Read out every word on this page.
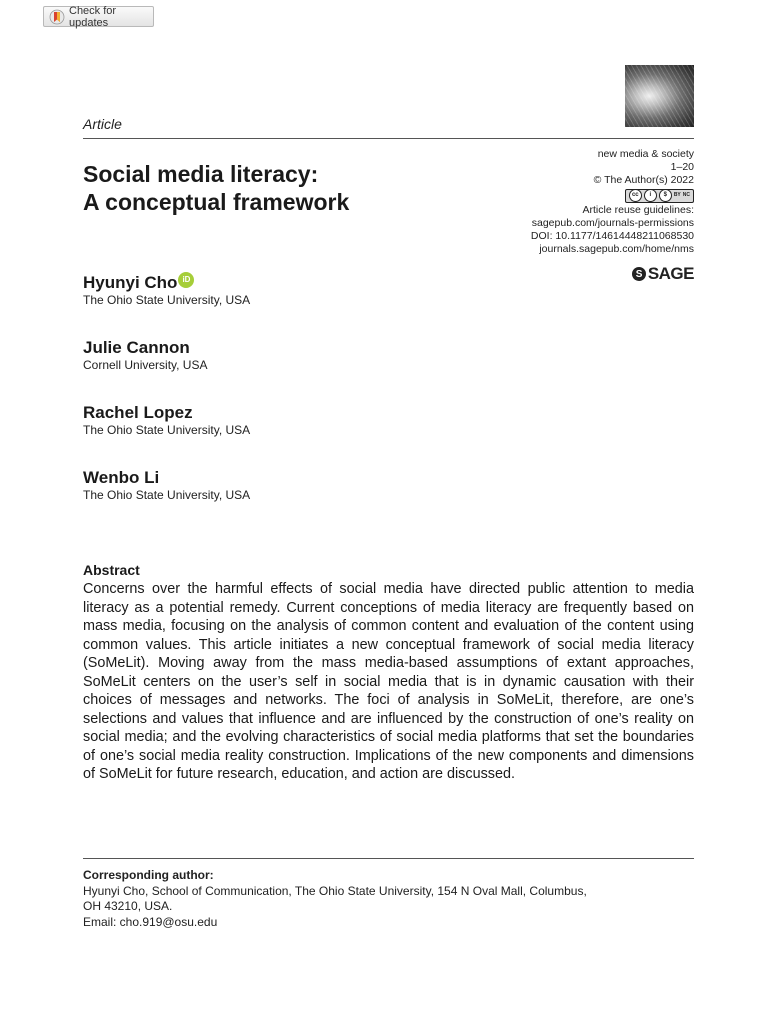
Check for updates
Article
new media & society
1–20
© The Author(s) 2022
cc	i	$	BY NC
Article reuse guidelines:
sagepub.com/journals-permissions
DOI: 10.1177/14614448211068530
journals.sagepub.com/home/nms
S SAGE
Social media literacy:
A conceptual framework
Hyunyi Cho iD
The Ohio State University, USA
Julie Cannon
Cornell University, USA
Rachel Lopez
The Ohio State University, USA
Wenbo Li
The Ohio State University, USA
Abstract
Concerns over the harmful effects of social media have directed public attention to media literacy as a potential remedy. Current conceptions of media literacy are frequently based on mass media, focusing on the analysis of common content and evaluation of the content using common values. This article initiates a new conceptual framework of social media literacy (SoMeLit). Moving away from the mass media-based assumptions of extant approaches, SoMeLit centers on the user’s self in social media that is in dynamic causation with their choices of messages and networks. The foci of analysis in SoMeLit, therefore, are one’s selections and values that influence and are influenced by the construction of one’s reality on social media; and the evolving characteristics of social media platforms that set the boundaries of one’s social media reality construction. Implications of the new components and dimensions of SoMeLit for future research, education, and action are discussed.
Corresponding author:
Hyunyi Cho, School of Communication, The Ohio State University, 154 N Oval Mall, Columbus,
OH 43210, USA.
Email: cho.919@osu.edu
